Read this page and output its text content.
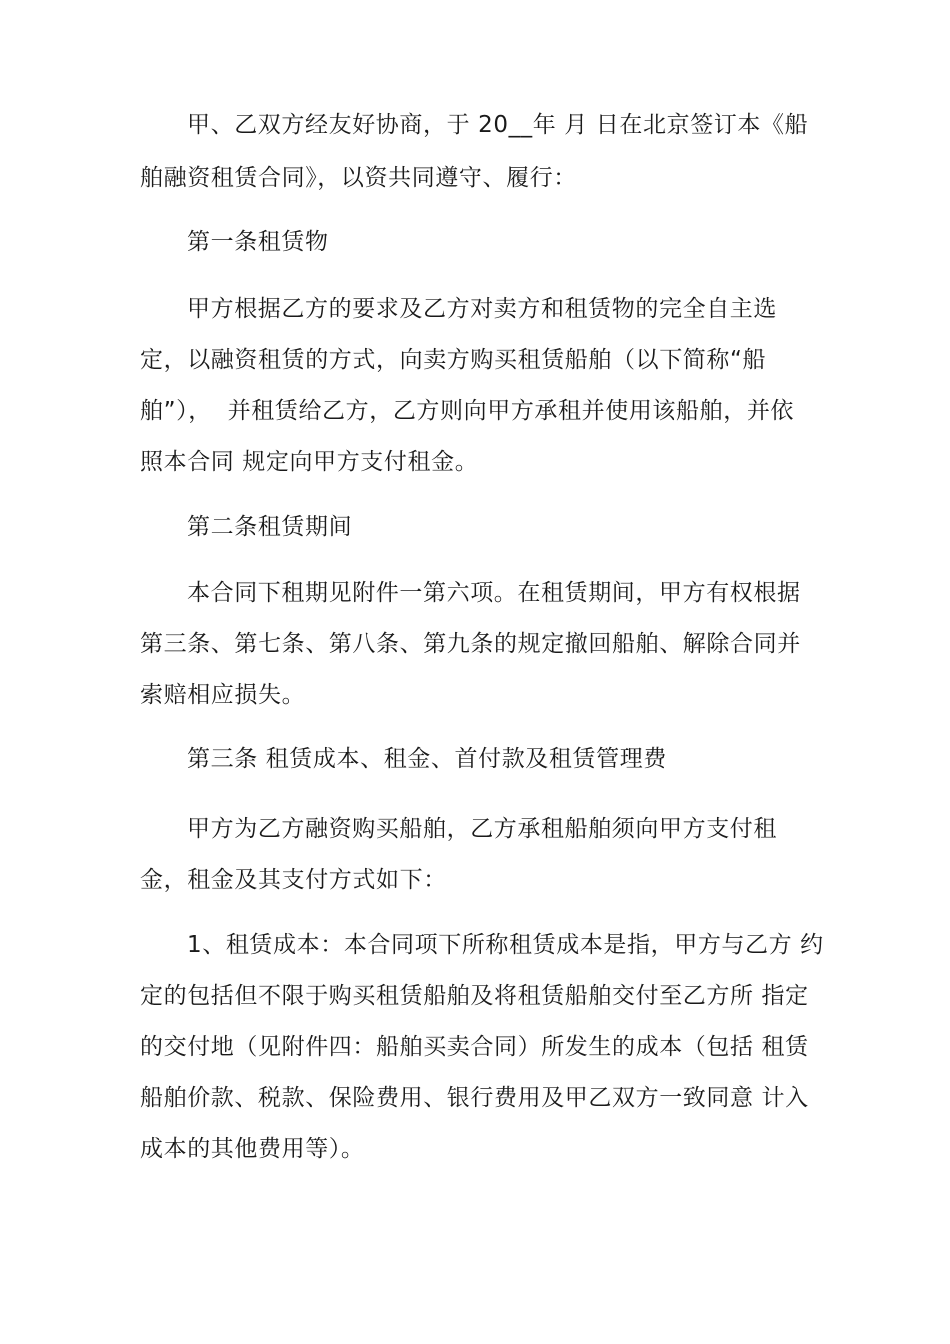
甲、乙双方经友好协商，于 20__年 月 日在北京签订本《船
舶融资租赁合同》，以资共同遵守、履行：
第一条租赁物
甲方根据乙方的要求及乙方对卖方和租赁物的完全自主选
定，以融资租赁的方式，向卖方购买租赁船舶（以下简称“船
舶”），  并租赁给乙方，乙方则向甲方承租并使用该船舶，并依
照本合同 规定向甲方支付租金。
第二条租赁期间
本合同下租期见附件一第六项。在租赁期间，甲方有权根据
第三条、第七条、第八条、第九条的规定撤回船舶、解除合同并
索赔相应损失。
第三条 租赁成本、租金、首付款及租赁管理费
甲方为乙方融资购买船舶，乙方承租船舶须向甲方支付租
金，租金及其支付方式如下：
1、租赁成本：本合同项下所称租赁成本是指，甲方与乙方 约
定的包括但不限于购买租赁船舶及将租赁船舶交付至乙方所 指定
的交付地（见附件四：船舶买卖合同）所发生的成本（包括 租赁
船舶价款、税款、保险费用、银行费用及甲乙双方一致同意 计入
成本的其他费用等）。
